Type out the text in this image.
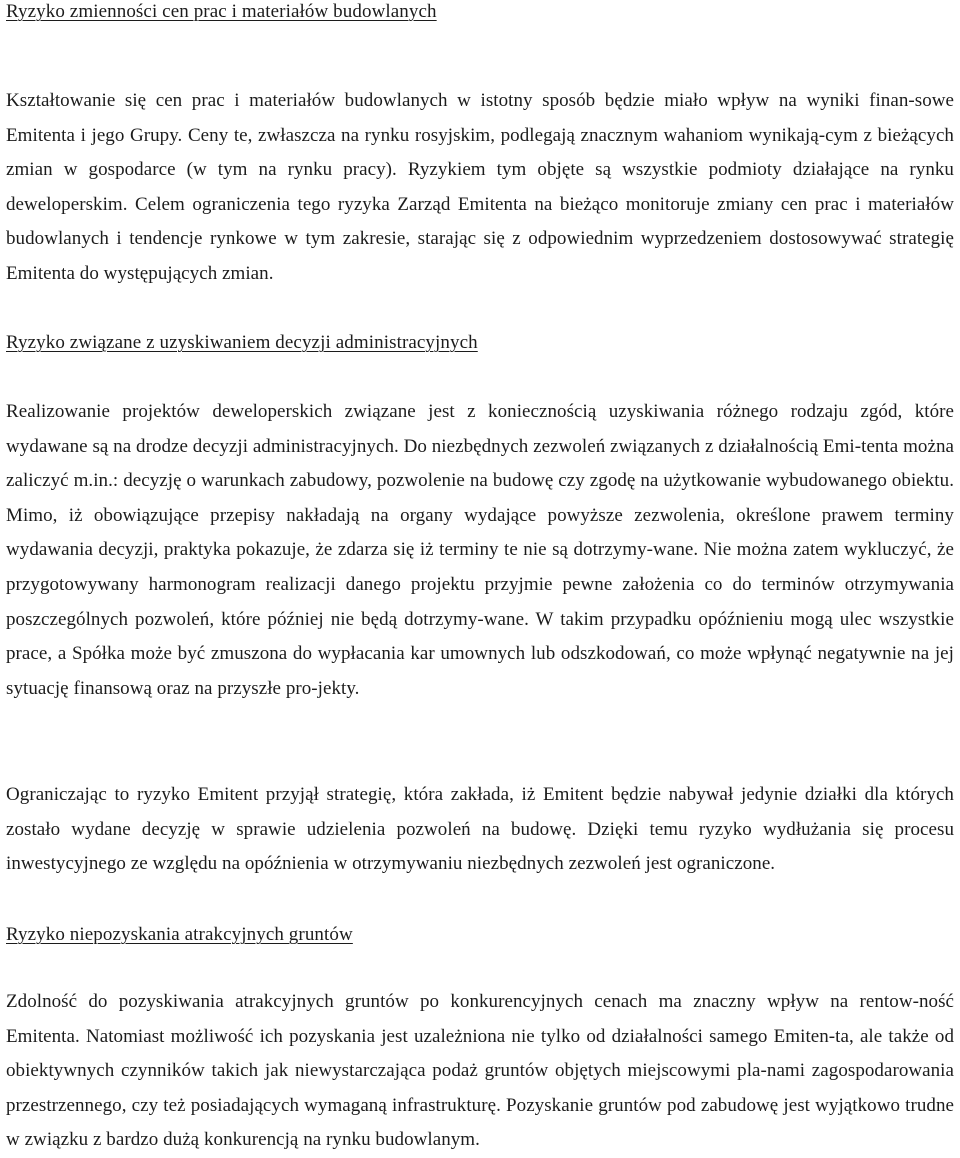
Ryzyko zmienności cen prac i materiałów budowlanych

Kształtowanie się cen prac i materiałów budowlanych w istotny sposób będzie miało wpływ na wyniki finan-sowe Emitenta i jego Grupy. Ceny te, zwłaszcza na rynku rosyjskim, podlegają znacznym wahaniom wynikają-cym z bieżących zmian w gospodarce (w tym na rynku pracy). Ryzykiem tym objęte są wszystkie podmioty działające na rynku deweloperskim. Celem ograniczenia tego ryzyka Zarząd Emitenta na bieżąco monitoruje zmiany cen prac i materiałów budowlanych i tendencje rynkowe w tym zakresie, starając się z odpowiednim wyprzedzeniem dostosowywać strategię Emitenta do występujących zmian.

Ryzyko związane z uzyskiwaniem decyzji administracyjnych

Realizowanie projektów deweloperskich związane jest z koniecznością uzyskiwania różnego rodzaju zgód, które wydawane są na drodze decyzji administracyjnych. Do niezbędnych zezwoleń związanych z działalnością Emi-tenta można zaliczyć m.in.: decyzję o warunkach zabudowy, pozwolenie na budowę czy zgodę na użytkowanie wybudowanego obiektu. Mimo, iż obowiązujące przepisy nakładają na organy wydające powyższe zezwolenia, określone prawem terminy wydawania decyzji, praktyka pokazuje, że zdarza się iż terminy te nie są dotrzymy-wane. Nie można zatem wykluczyć, że przygotowywany harmonogram realizacji danego projektu przyjmie pewne założenia co do terminów otrzymywania poszczególnych pozwoleń, które później nie będą dotrzymy-wane. W takim przypadku opóźnieniu mogą ulec wszystkie prace, a Spółka może być zmuszona do wypłacania kar umownych lub odszkodowań, co może wpłynąć negatywnie na jej sytuację finansową oraz na przyszłe pro-jekty.

Ograniczając to ryzyko Emitent przyjął strategię, która zakłada, iż Emitent będzie nabywał jedynie działki dla których zostało wydane decyzję w sprawie udzielenia pozwoleń na budowę. Dzięki temu ryzyko wydłużania się procesu inwestycyjnego ze względu na opóźnienia w otrzymywaniu niezbędnych zezwoleń jest ograniczone.

Ryzyko niepozyskania atrakcyjnych gruntów

Zdolność do pozyskiwania atrakcyjnych gruntów po konkurencyjnych cenach ma znaczny wpływ na rentow-ność Emitenta. Natomiast możliwość ich pozyskania jest uzależniona nie tylko od działalności samego Emiten-ta, ale także od obiektywnych czynników takich jak niewystarczająca podaż gruntów objętych miejscowymi pla-nami zagospodarowania przestrzennego, czy też posiadających wymaganą infrastrukturę. Pozyskanie gruntów pod zabudowę jest wyjątkowo trudne w związku z bardzo dużą konkurencją na rynku budowlanym.
